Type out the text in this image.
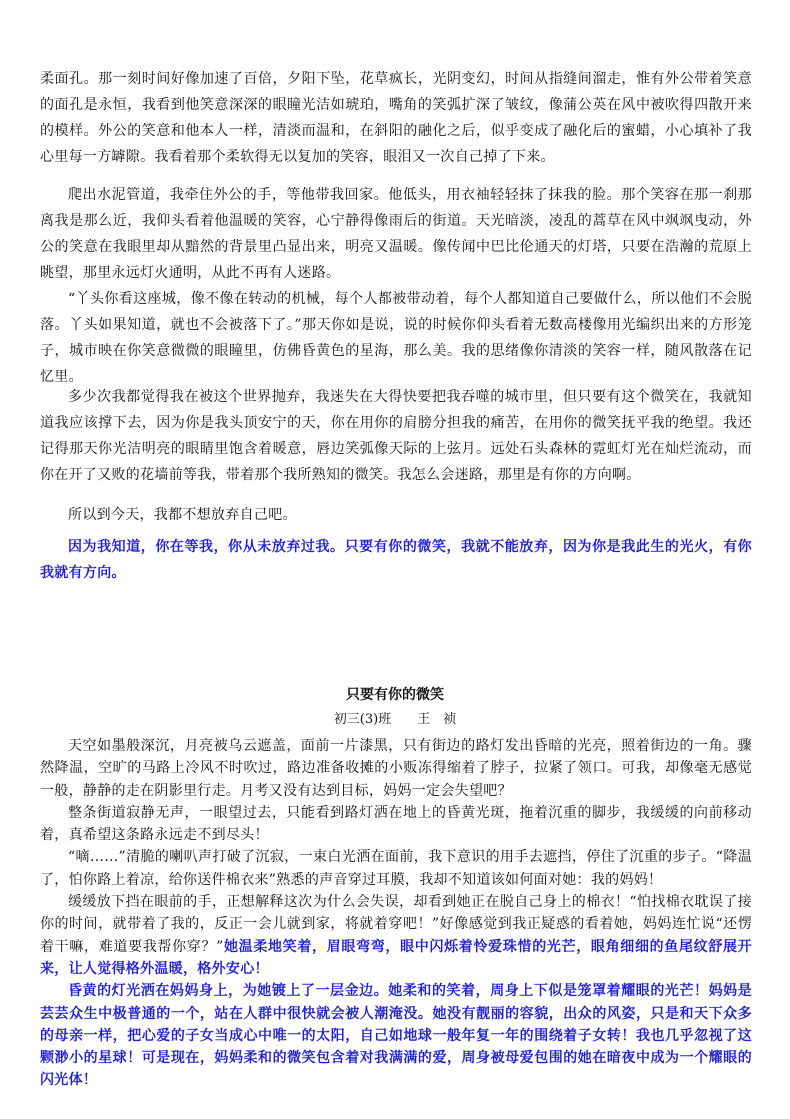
柔面孔。那一刻时间好像加速了百倍，夕阳下坠，花草疯长，光阴变幻，时间从指缝间溜走，惟有外公带着笑意的面孔是永恒，我看到他笑意深深的眼瞳光洁如琥珀，嘴角的笑弧扩深了皱纹，像蒲公英在风中被吹得四散开来的模样。外公的笑意和他本人一样，清淡而温和，在斜阳的融化之后，似乎变成了融化后的蜜蜡，小心填补了我心里每一方罅隙。我看着那个柔软得无以复加的笑容，眼泪又一次自己掉了下来。

爬出水泥管道，我牵住外公的手，等他带我回家。他低头，用衣袖轻轻抹了抹我的脸。那个笑容在那一刹那离我是那么近，我仰头看着他温暖的笑容，心宁静得像雨后的街道。天光暗淡，凌乱的蒿草在风中飒飒曳动，外公的笑意在我眼里却从黯然的背景里凸显出来，明亮又温暖。像传闻中巴比伦通天的灯塔，只要在浩瀚的荒原上眺望，那里永远灯火通明，从此不再有人迷路。

“丫头你看这座城，像不像在转动的机械，每个人都被带动着，每个人都知道自己要做什么，所以他们不会脱落。丫头如果知道，就也不会被落下了。”那天你如是说，说的时候你仰头看着无数高楼像用光编织出来的方形笼子，城市映在你笑意微微的眼瞳里，仿佛昏黄色的星海，那么美。我的思绪像你清淡的笑容一样，随风散落在记忆里。

多少次我都觉得我在被这个世界抛弃，我迷失在大得快要把我吞噬的城市里，但只要有这个微笑在，我就知道我应该撑下去，因为你是我头顶安宁的天，你在用你的肩膀分担我的痛苦，在用你的微笑抚平我的绝望。我还记得那天你光洁明亮的眼睛里饱含着暖意，唇边笑弧像天际的上弦月。远处石头森林的霓虹灯光在灿烂流动，而你在开了又败的花墙前等我，带着那个我所熟知的微笑。我怎么会迷路，那里是有你的方向啊。

所以到今天，我都不想放弃自己吧。

因为我知道，你在等我，你从未放弃过我。只要有你的微笑，我就不能放弃，因为你是我此生的光火，有你我就有方向。

只要有你的微笑
初三(3)班　　王　祯

天空如墨般深沉，月亮被乌云遮盖，面前一片漆黑，只有街边的路灯发出昏暗的光亮，照着街边的一角。骤然降温，空旷的马路上冷风不时吹过，路边准备收摊的小贩冻得缩着了脖子，拉紧了领口。可我，却像毫无感觉一般，静静的走在阴影里行走。月考又没有达到目标，妈妈一定会失望吧？

整条街道寂静无声，一眼望过去，只能看到路灯洒在地上的昏黄光斑，拖着沉重的脚步，我缓缓的向前移动着，真希望这条路永远走不到尽头！

“嘀……”清脆的喇叭声打破了沉寂，一束白光洒在面前，我下意识的用手去遮挡，停住了沉重的步子。“降温了，怕你路上着凉，给你送件棉衣来”熟悉的声音穿过耳膜，我却不知道该如何面对她：我的妈妈！

缓缓放下挡在眼前的手，正想解释这次为什么会失误，却看到她正在脱自己身上的棉衣！“怕找棉衣耽误了接你的时间，就带着了我的，反正一会儿就到家，将就着穿吧！”好像感觉到我正疑惑的看着她，妈妈连忙说“还愣着干嘛，难道要我帮你穿？”她温柔地笑着，眉眼弯弯，眼中闪烁着怜爱珠惜的光芒，眼角细细的鱼尾纹舒展开来，让人觉得格外温暖，格外安心！

昏黄的灯光洒在妈妈身上，为她镀上了一层金边。她柔和的笑着，周身上下似是笼罩着耀眼的光芒！妈妈是芸芸众生中极普通的一个，站在人群中很快就会被人潮淹没。她没有靓丽的容貌，出众的风姿，只是和天下众多的母亲一样，把心爱的子女当成心中唯一的太阳，自己如地球一般年复一年的围绕着子女转！我也几乎忽视了这颗渺小的星球！可是现在，妈妈柔和的微笑包含着对我满满的爱，周身被母爱包围的她在暗夜中成为一个耀眼的闪光体！
